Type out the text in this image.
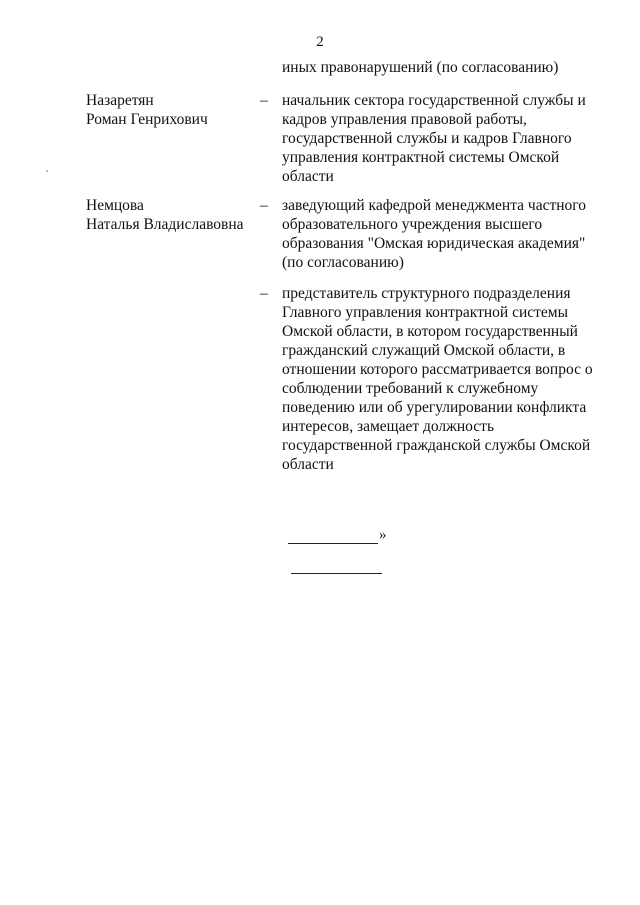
2
иных правонарушений (по согласованию)
Назаретян
Роман Генрихович
– начальник сектора государственной службы и
кадров управления правовой работы,
государственной службы и кадров Главного
управления контрактной системы Омской
области
Немцова
Наталья Владиславовна
– заведующий кафедрой менеджмента частного
образовательного учреждения высшего
образования "Омская юридическая академия"
(по согласованию)
– представитель структурного подразделения
Главного управления контрактной системы
Омской области, в котором государственный
гражданский служащий Омской области, в
отношении которого рассматривается вопрос о
соблюдении требований к служебному
поведению или об урегулировании конфликта
интересов, замещает должность
государственной гражданской службы Омской
области
»
